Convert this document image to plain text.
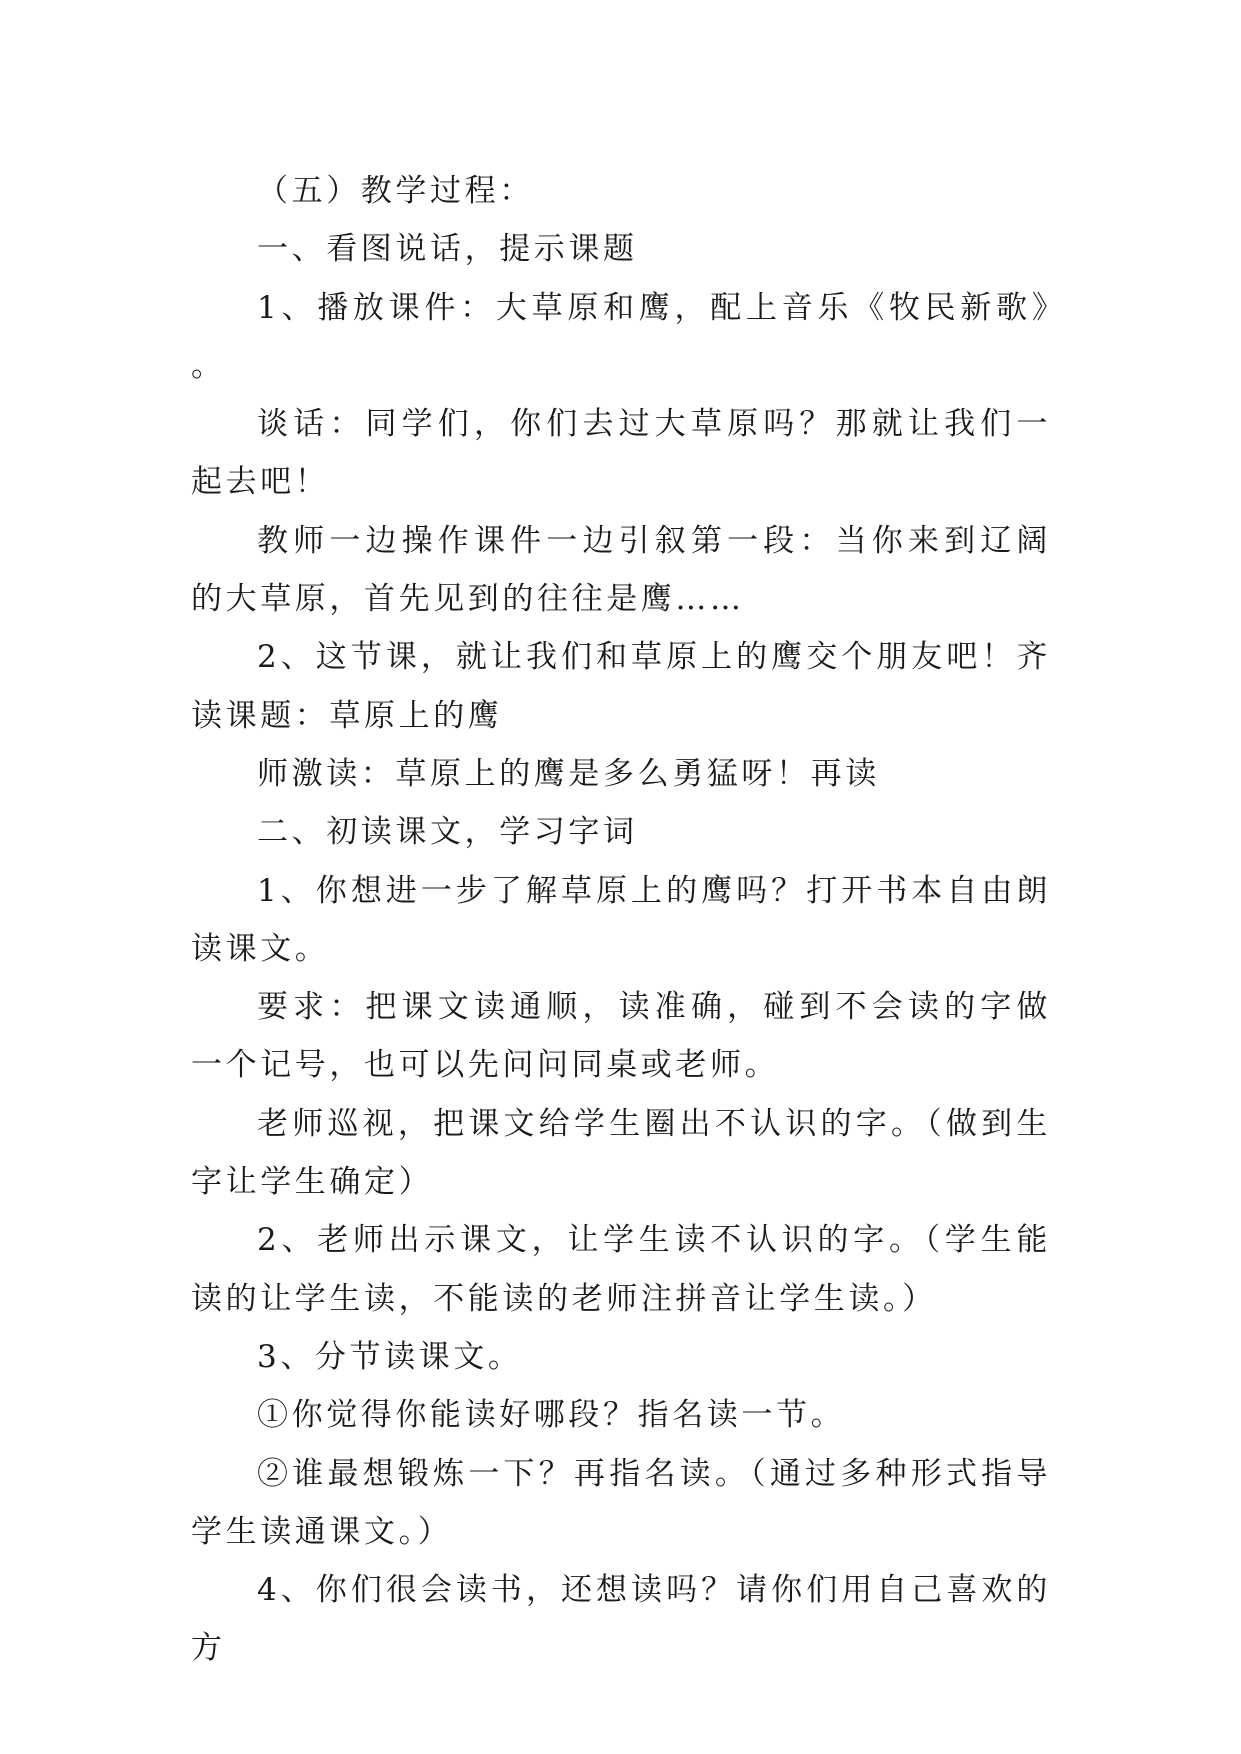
（五）教学过程：

一、看图说话，提示课题

1、播放课件：大草原和鹰，配上音乐《牧民新歌》。

谈话：同学们，你们去过大草原吗？那就让我们一起去吧！

教师一边操作课件一边引叙第一段：当你来到辽阔的大草原，首先见到的往往是鹰……

2、这节课，就让我们和草原上的鹰交个朋友吧！齐读课题：草原上的鹰

师激读：草原上的鹰是多么勇猛呀！再读

二、初读课文，学习字词

1、你想进一步了解草原上的鹰吗？打开书本自由朗读课文。

要求：把课文读通顺，读准确，碰到不会读的字做一个记号，也可以先问问同桌或老师。

老师巡视，把课文给学生圈出不认识的字。（做到生字让学生确定）

2、老师出示课文，让学生读不认识的字。（学生能读的让学生读，不能读的老师注拼音让学生读。）

3、分节读课文。

①你觉得你能读好哪段？指名读一节。

②谁最想锻炼一下？再指名读。（通过多种形式指导学生读通课文。）

4、你们很会读书，还想读吗？请你们用自己喜欢的方
